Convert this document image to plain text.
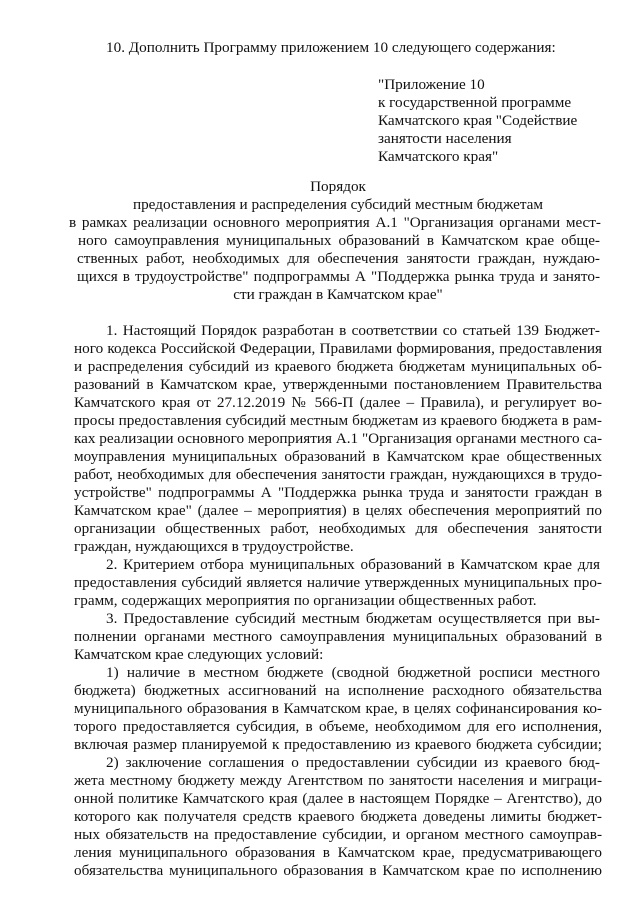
10. Дополнить Программу приложением 10 следующего содержания:
"Приложение 10
к государственной программе
Камчатского края "Содействие
занятости населения
Камчатского края"
Порядок
предоставления и распределения субсидий местным бюджетам
в рамках реализации основного мероприятия А.1 "Организация органами мест-
ного самоуправления муниципальных образований в Камчатском крае обще-
ственных работ, необходимых для обеспечения занятости граждан, нуждаю-
щихся в трудоустройстве" подпрограммы А "Поддержка рынка труда и занято-
сти граждан в Камчатском крае"
1. Настоящий Порядок разработан в соответствии со статьей 139 Бюджет-
ного кодекса Российской Федерации, Правилами формирования, предоставления
и распределения субсидий из краевого бюджета бюджетам муниципальных об-
разований в Камчатском крае, утвержденными постановлением Правительства
Камчатского края от 27.12.2019 № 566-П (далее – Правила), и регулирует во-
просы предоставления субсидий местным бюджетам из краевого бюджета в рам-
ках реализации основного мероприятия А.1 "Организация органами местного са-
моуправления муниципальных образований в Камчатском крае общественных
работ, необходимых для обеспечения занятости граждан, нуждающихся в трудо-
устройстве" подпрограммы А "Поддержка рынка труда и занятости граждан в
Камчатском крае" (далее – мероприятия) в целях обеспечения мероприятий по
организации общественных работ, необходимых для обеспечения занятости
граждан, нуждающихся в трудоустройстве.
2. Критерием отбора муниципальных образований в Камчатском крае для
предоставления субсидий является наличие утвержденных муниципальных про-
грамм, содержащих мероприятия по организации общественных работ.
3. Предоставление субсидий местным бюджетам осуществляется при вы-
полнении органами местного самоуправления муниципальных образований в
Камчатском крае следующих условий:
1) наличие в местном бюджете (сводной бюджетной росписи местного
бюджета) бюджетных ассигнований на исполнение расходного обязательства
муниципального образования в Камчатском крае, в целях софинансирования ко-
торого предоставляется субсидия, в объеме, необходимом для его исполнения,
включая размер планируемой к предоставлению из краевого бюджета субсидии;
2) заключение соглашения о предоставлении субсидии из краевого бюд-
жета местному бюджету между Агентством по занятости населения и миграци-
онной политике Камчатского края (далее в настоящем Порядке – Агентство), до
которого как получателя средств краевого бюджета доведены лимиты бюджет-
ных обязательств на предоставление субсидии, и органом местного самоуправ-
ления муниципального образования в Камчатском крае, предусматривающего
обязательства муниципального образования в Камчатском крае по исполнению
